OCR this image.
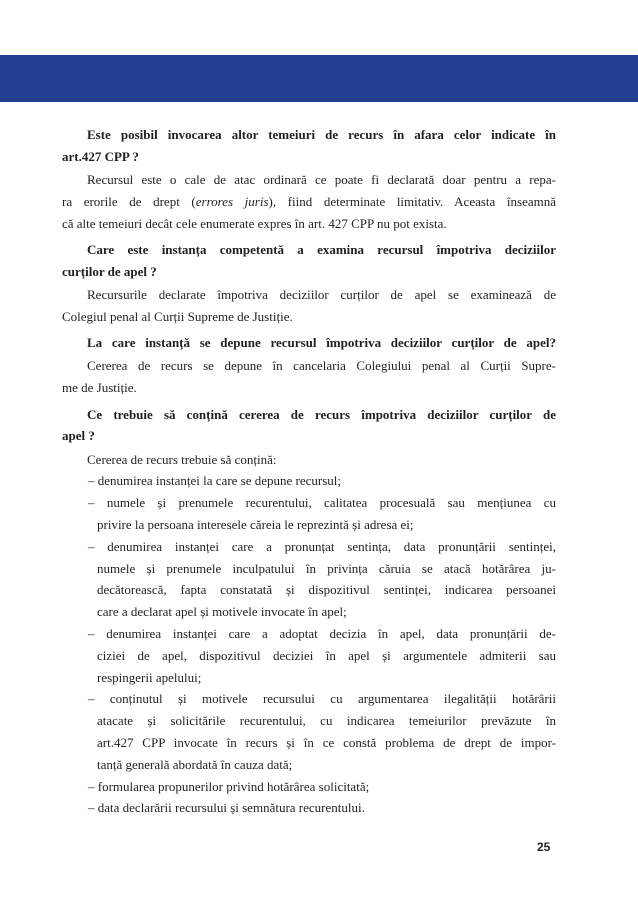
Este posibil invocarea altor temeiuri de recurs în afara celor indicate în
art.427 CPP ?
Recursul este o cale de atac ordinară ce poate fi declarată doar pentru a repa-
ra erorile de drept (errores juris), fiind determinate limitativ. Aceasta înseamnă
că alte temeiuri decât cele enumerate expres în art. 427 CPP nu pot exista.
Care este instanța competentă a examina recursul împotriva deciziilor
curților de apel ?
Recursurile declarate împotriva deciziilor curților de apel se examinează de
Colegiul penal al Curții Supreme de Justiție.
La care instanță se depune recursul împotriva deciziilor curților de apel?
Cererea de recurs se depune în cancelaria Colegiului penal al Curții Supre-
me de Justiție.
Ce trebuie să conțină cererea de recurs împotriva deciziilor curților de
apel ?
Cererea de recurs trebuie să conțină:
– denumirea instanței la care se depune recursul;
– numele și prenumele recurentului, calitatea procesuală sau mențiunea cu
privire la persoana interesele căreia le reprezintă și adresa ei;
– denumirea instanței care a pronunțat sentința, data pronunțării sentinței,
numele și prenumele inculpatului în privința căruia se atacă hotărârea ju-
decătorească, fapta constatată și dispozitivul sentinței, indicarea persoanei
care a declarat apel și motivele invocate în apel;
– denumirea instanței care a adoptat decizia în apel, data pronunțării de-
ciziei de apel, dispozitivul deciziei în apel și argumentele admiterii sau
respingerii apelului;
– conținutul și motivele recursului cu argumentarea ilegalității hotărârii
atacate și solicitările recurentului, cu indicarea temeiurilor prevăzute în
art.427 CPP invocate în recurs și în ce constă problema de drept de impor-
tanță generală abordată în cauza dată;
– formularea propunerilor privind hotărârea solicitată;
– data declarării recursului și semnătura recurentului.
25
